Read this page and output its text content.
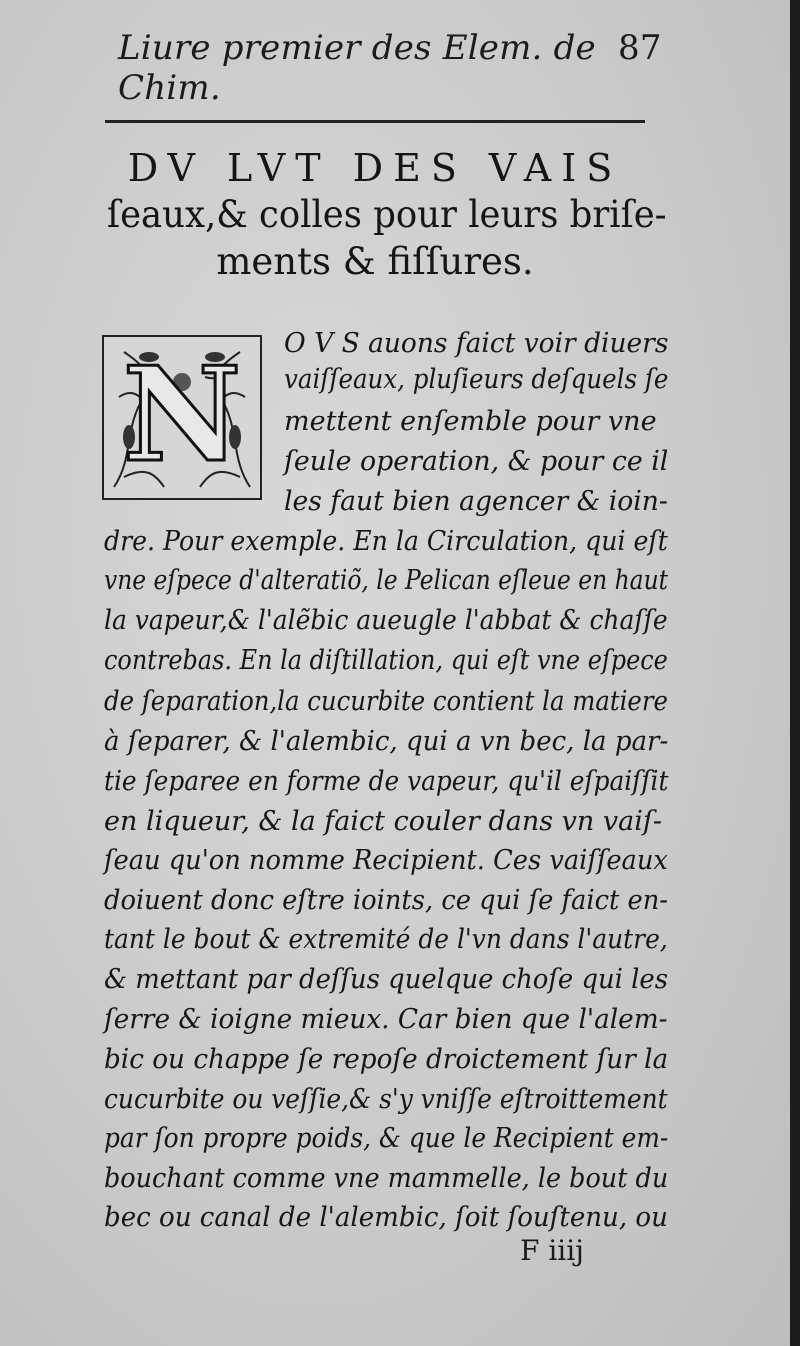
Liure premier des Elem. de Chim.
87
DV LVT DES VAIS
ſeaux,& colles pour leurs briſe-
ments & fiſſures.
N	O V S auons faict voir diuers
vaiſſeaux, pluſieurs deſquels ſe
mettent enſemble pour vne
ſeule operation, & pour ce il
les faut bien agencer & ioin-
dre. Pour exemple. En la Circulation, qui eſt
vne eſpece d'alteratiõ, le Pelican eſleue en haut
la vapeur,& l'alẽbic aueugle l'abbat & chaſſe
contrebas. En la diſtillation, qui eſt vne eſpece
de ſeparation,la cucurbite contient la matiere
à ſeparer, & l'alembic, qui a vn bec, la par-
tie ſeparee en forme de vapeur, qu'il eſpaiſſit
en liqueur, & la faict couler dans vn vaiſ-
ſeau qu'on nomme Recipient. Ces vaiſſeaux
doiuent donc eſtre ioints, ce qui ſe faict en-
tant le bout & extremité de l'vn dans l'autre,
& mettant par deſſus quelque choſe qui les
ſerre & ioigne mieux. Car bien que l'alem-
bic ou chappe ſe repoſe droictement ſur la
cucurbite ou veſſie,& s'y vniſſe eſtroittement
par ſon propre poids, & que le Recipient em-
bouchant comme vne mammelle, le bout du
bec ou canal de l'alembic, ſoit ſouſtenu, ou
F iiij
